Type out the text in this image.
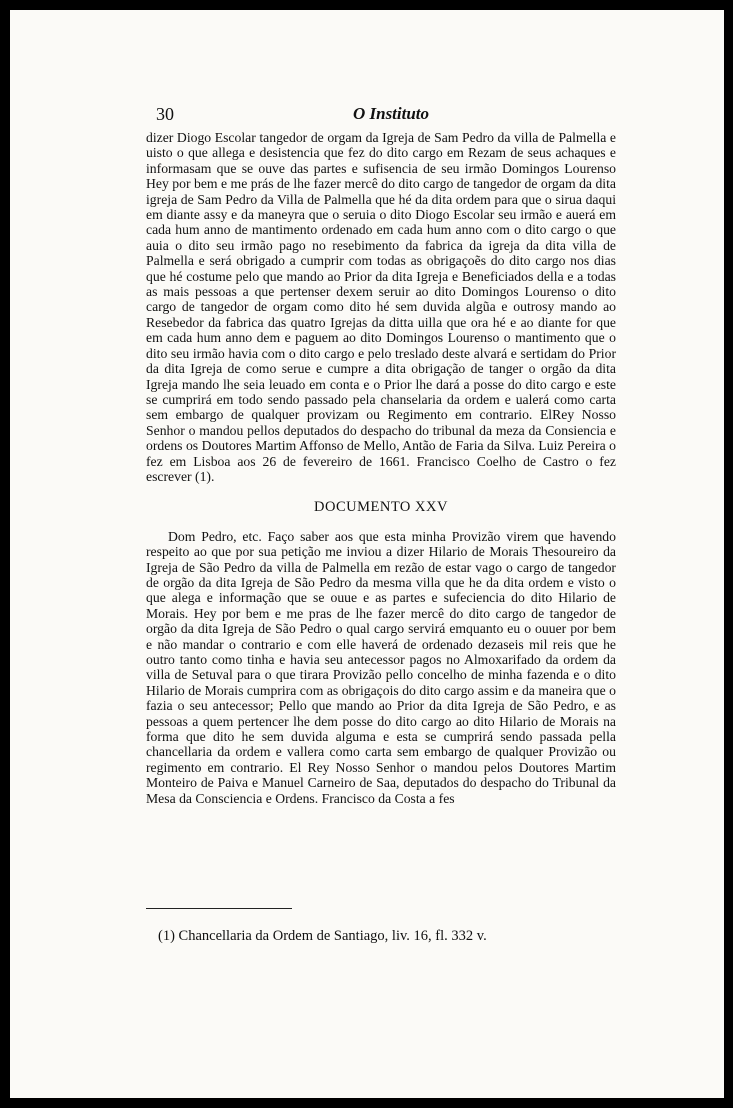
30	O Instituto

dizer Diogo Escolar tangedor de orgam da Igreja de Sam Pedro da villa de Palmella e uisto o que allega e desistencia que fez do dito cargo em Rezam de seus achaques e informasam que se ouve das partes e sufisencia de seu irmão Domingos Lourenso Hey por bem e me prás de lhe fazer mercê do dito cargo de tangedor de orgam da dita igreja de Sam Pedro da Villa de Palmella que hé da dita ordem para que o sirua daqui em diante assy e da maneyra que o seruia o dito Diogo Escolar seu irmão e auerá em cada hum anno de mantimento ordenado em cada hum anno com o dito cargo o que auia o dito seu irmão pago no resebimento da fabrica da igreja da dita villa de Palmella e será obrigado a cumprir com todas as obrigaçoẽs do dito cargo nos dias que hé costume pelo que mando ao Prior da dita Igreja e Beneficiados della e a todas as mais pessoas a que pertenser dexem seruir ao dito Domingos Lourenso o dito cargo de tangedor de orgam como dito hé sem duvida algũa e outrosy mando ao Resebedor da fabrica das quatro Igrejas da ditta uilla que ora hé e ao diante for que em cada hum anno dem e paguem ao dito Domingos Lourenso o mantimento que o dito seu irmão havia com o dito cargo e pelo treslado deste alvará e sertidam do Prior da dita Igreja de como serue e cumpre a dita obrigação de tanger o orgão da dita Igreja mando lhe seia leuado em conta e o Prior lhe dará a posse do dito cargo e este se cumprirá em todo sendo passado pela chanselaria da ordem e ualerá como carta sem embargo de qualquer provizam ou Regimento em contrario. ElRey Nosso Senhor o mandou pellos deputados do despacho do tribunal da meza da Consiencia e ordens os Doutores Martim Affonso de Mello, Antão de Faria da Silva. Luiz Pereira o fez em Lisboa aos 26 de fevereiro de 1661. Francisco Coelho de Castro o fez escrever (1).

DOCUMENTO XXV

Dom Pedro, etc. Faço saber aos que esta minha Provizão virem que havendo respeito ao que por sua petição me inviou a dizer Hilario de Morais Thesoureiro da Igreja de São Pedro da villa de Palmella em rezão de estar vago o cargo de tangedor de orgão da dita Igreja de São Pedro da mesma villa que he da dita ordem e visto o que alega e informação que se ouue e as partes e sufeciencia do dito Hilario de Morais. Hey por bem e me pras de lhe fazer mercê do dito cargo de tangedor de orgão da dita Igreja de São Pedro o qual cargo servirá emquanto eu o ouuer por bem e não mandar o contrario e com elle haverá de ordenado dezaseis mil reis que he outro tanto como tinha e havia seu antecessor pagos no Almoxarifado da ordem da villa de Setuval para o que tirara Provizão pello concelho de minha fazenda e o dito Hilario de Morais cumprira com as obrigaçois do dito cargo assim e da maneira que o fazia o seu antecessor; Pello que mando ao Prior da dita Igreja de São Pedro, e as pessoas a quem pertencer lhe dem posse do dito cargo ao dito Hilario de Morais na forma que dito he sem duvida alguma e esta se cumprirá sendo passada pella chancellaria da ordem e vallera como carta sem embargo de qualquer Provizão ou regimento em contrario. El Rey Nosso Senhor o mandou pelos Doutores Martim Monteiro de Paiva e Manuel Carneiro de Saa, deputados do despacho do Tribunal da Mesa da Consciencia e Ordens. Francisco da Costa a fes

(1) Chancellaria da Ordem de Santiago, liv. 16, fl. 332 v.
